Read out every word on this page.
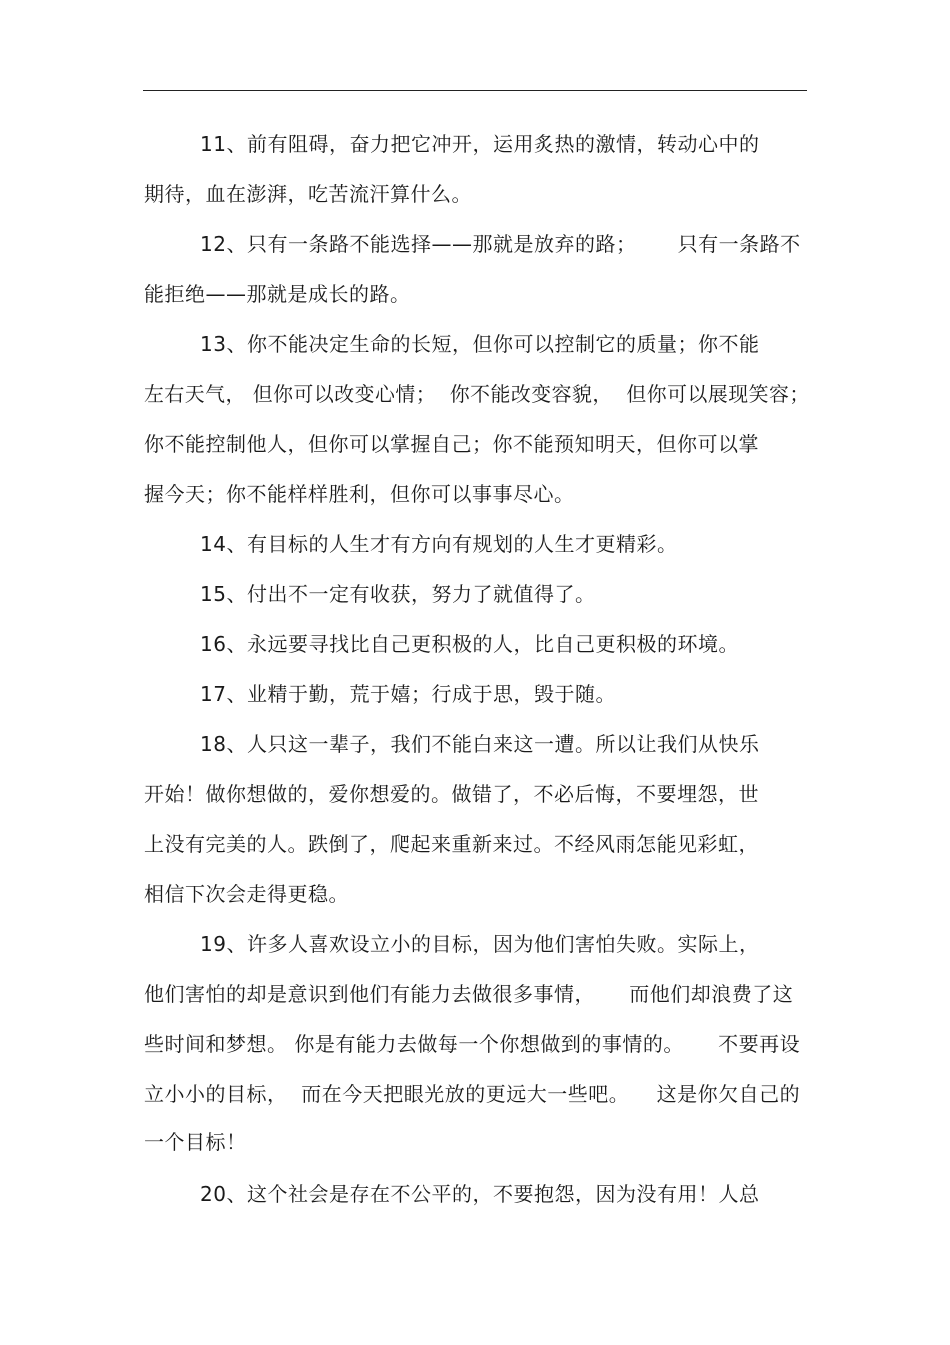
11、前有阻碍，奋力把它冲开，运用炙热的激情，转动心中的
期待，血在澎湃，吃苦流汗算什么。
12、只有一条路不能选择——那就是放弃的路；      只有一条路不
能拒绝——那就是成长的路。
13、你不能决定生命的长短，但你可以控制它的质量；你不能
左右天气， 但你可以改变心情；  你不能改变容貌，  但你可以展现笑容；
你不能控制他人，但你可以掌握自己；你不能预知明天，但你可以掌
握今天；你不能样样胜利，但你可以事事尽心。
14、有目标的人生才有方向有规划的人生才更精彩。
15、付出不一定有收获，努力了就值得了。
16、永远要寻找比自己更积极的人，比自己更积极的环境。
17、业精于勤，荒于嬉；行成于思，毁于随。
18、人只这一辈子，我们不能白来这一遭。所以让我们从快乐
开始！做你想做的，爱你想爱的。做错了，不必后悔，不要埋怨，世
上没有完美的人。跌倒了，爬起来重新来过。不经风雨怎能见彩虹，
相信下次会走得更稳。
19、许多人喜欢设立小的目标，因为他们害怕失败。实际上，
他们害怕的却是意识到他们有能力去做很多事情，     而他们却浪费了这
些时间和梦想。 你是有能力去做每一个你想做到的事情的。     不要再设
立小小的目标，  而在今天把眼光放的更远大一些吧。    这是你欠自己的
一个目标！
20、这个社会是存在不公平的，不要抱怨，因为没有用！人总
